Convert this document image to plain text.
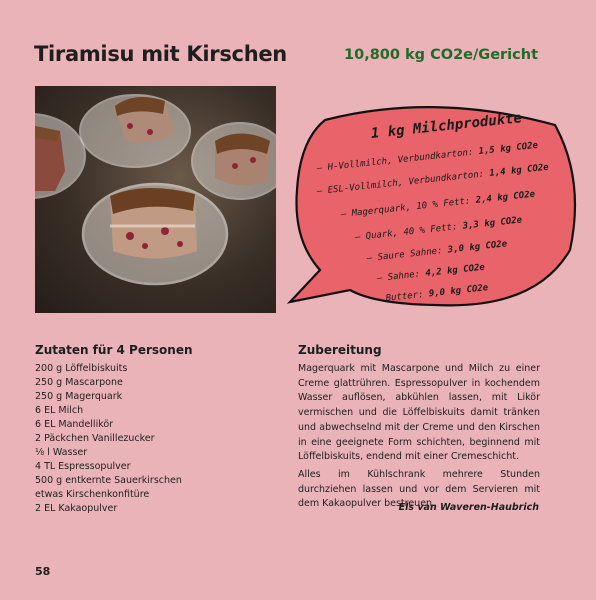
Tiramisu mit Kirschen	10,800 kg CO2e/Gericht
1 kg Milchprodukte
– H-Vollmilch, Verbundkarton: 1,5 kg CO2e
– ESL-Vollmilch, Verbundkarton: 1,4 kg CO2e
– Magerquark, 10 % Fett: 2,4 kg CO2e
– Quark, 40 % Fett: 3,3 kg CO2e
– Saure Sahne: 3,0 kg CO2e
– Sahne: 4,2 kg CO2e
– Butter: 9,0 kg CO2e
Zutaten für 4 Personen
200 g Löffelbiskuits
250 g Mascarpone
250 g Magerquark
6 EL Milch
6 EL Mandellikör
2 Päckchen Vanillezucker
⅛ l Wasser
4 TL Espressopulver
500 g entkernte Sauerkirschen
etwas Kirschenkonfitüre
2 EL Kakaopulver
Zubereitung

Magerquark mit Mascarpone und Milch zu einer Creme glattrühren. Espressopulver in kochendem Wasser auflösen, abkühlen lassen, mit Likör vermischen und die Löffelbiskuits damit tränken und abwechselnd mit der Creme und den Kirschen in eine geeignete Form schichten, beginnend mit Löffelbiskuits, endend mit einer Cremeschicht.

Alles im Kühlschrank mehrere Stunden durchziehen lassen und vor dem Servieren mit dem Kakaopulver bestreuen.

Els van Waveren-Haubrich
58
